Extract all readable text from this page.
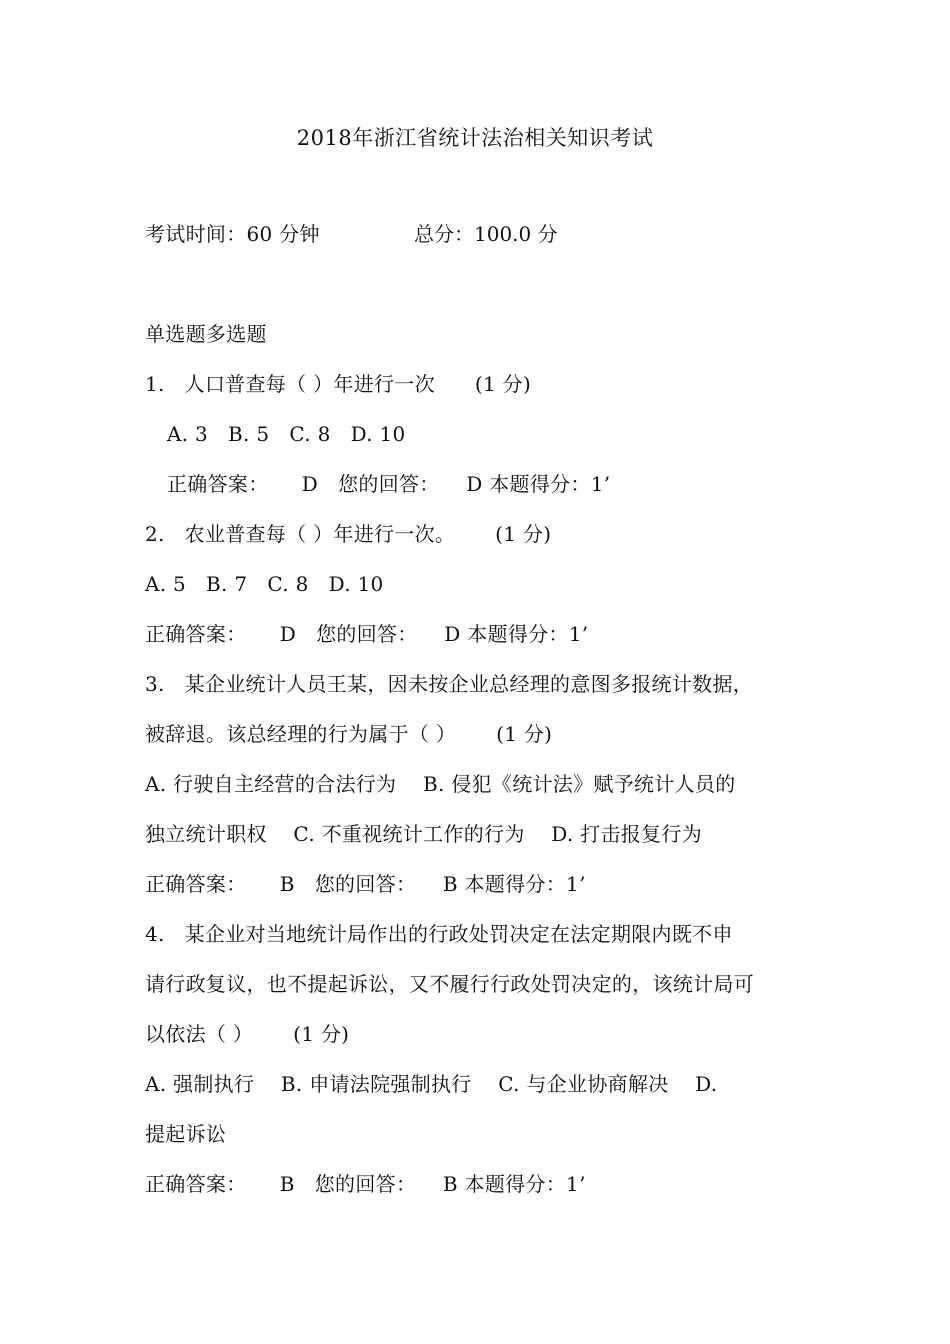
2018年浙江省统计法治相关知识考试
考试时间：60 分钟	总分：100.0 分
单选题多选题
1.   人口普查每（ ）年进行一次      (1 分)
A. 3   B. 5   C. 8   D. 10
正确答案：     D   您的回答：    D 本题得分：1’
2.   农业普查每（ ）年进行一次。      (1 分)
A. 5   B. 7   C. 8   D. 10
正确答案：     D   您的回答：    D 本题得分：1’
3.   某企业统计人员王某，因未按企业总经理的意图多报统计数据，
被辞退。该总经理的行为属于（ ）      (1 分)
A. 行驶自主经营的合法行为    B. 侵犯《统计法》赋予统计人员的
独立统计职权    C. 不重视统计工作的行为    D. 打击报复行为
正确答案：     B   您的回答：    B 本题得分：1’
4.   某企业对当地统计局作出的行政处罚决定在法定期限内既不申
请行政复议，也不提起诉讼，又不履行行政处罚决定的，该统计局可
以依法（ ）      (1 分)
A. 强制执行    B. 申请法院强制执行    C. 与企业协商解决    D.
提起诉讼
正确答案：     B   您的回答：    B 本题得分：1’
